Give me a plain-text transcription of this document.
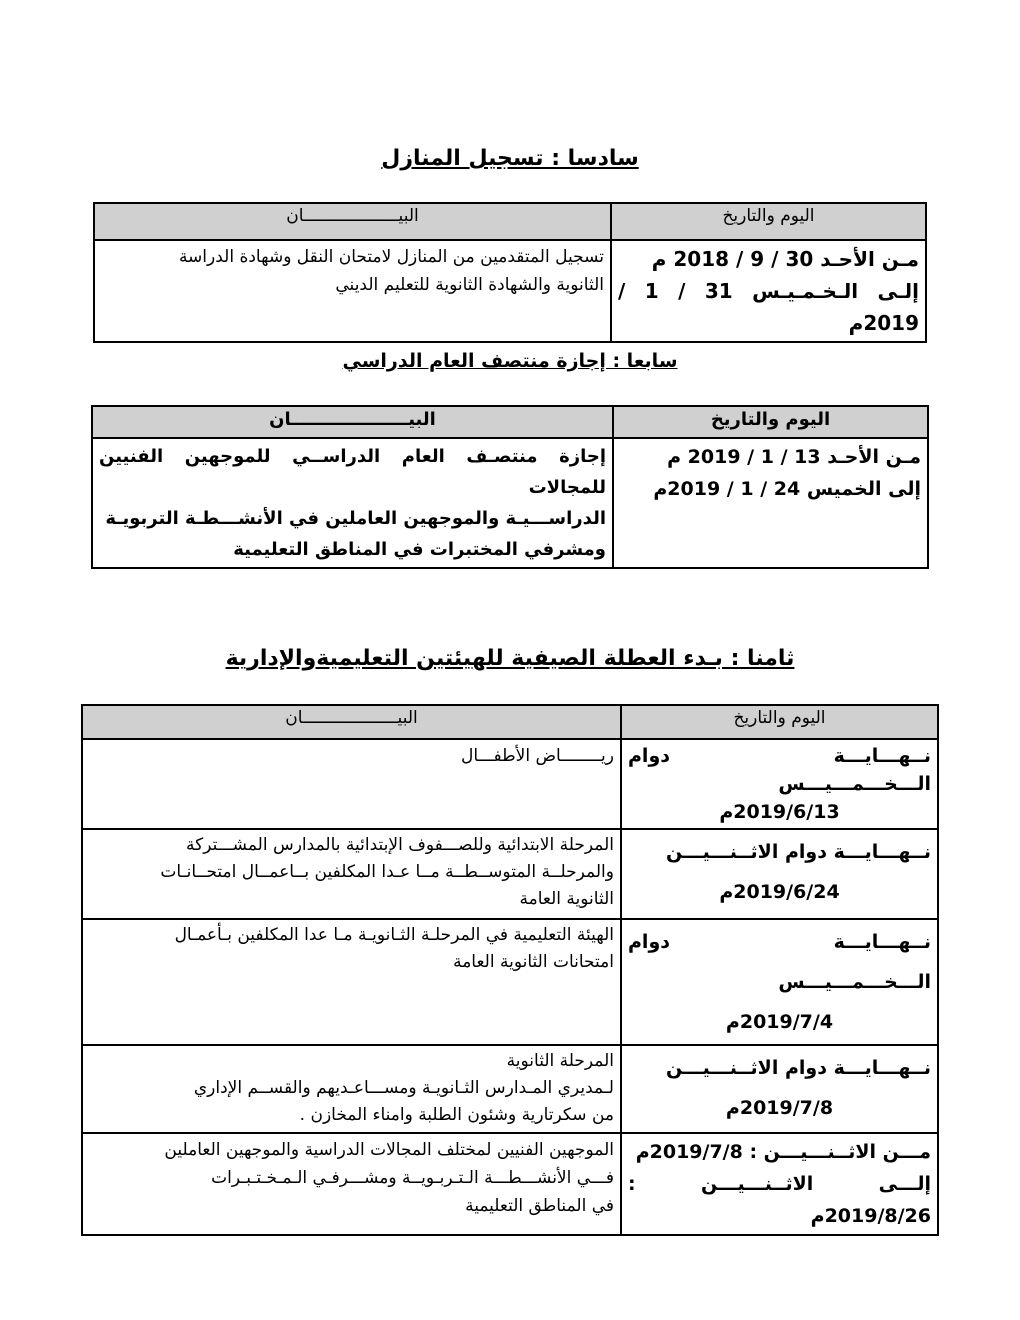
سادسا : تسجيل المنازل
اليوم والتاريخ	البيـــــــــــــــــــان

مـن الأحـد 30 / 9 / 2018 م
إلـى الـخـمـيـس 31 / 1 / 2019م	تسجيل المتقدمين من المنازل لامتحان النقل وشهادة الدراسة
الثانوية والشهادة الثانوية للتعليم الديني
سابعا : إجازة منتصف العام الدراسي
اليوم والتاريخ	البيـــــــــــــــــــان

مـن الأحـد 13 / 1 / 2019 م
إلى الخميس 24 / 1 / 2019م	إجازة منتصـف العام الدراســي للموجهين الفنيين للمجالات
الدراســـيـة والموجهين العاملين في الأنشـــطـة التربويـة
ومشرفي المختبرات في المناطق التعليمية
ثامنا : بـدء العطلة الصيفية للهيئتين التعليميةوالإدارية
اليوم والتاريخ	البيـــــــــــــــــــان

نــهـــايـــة دوام الـــخـــمـــيـــس
2019/6/13م	ريــــــــاض الأطفـــال

نــهـــايـــة دوام الاثــنـــيـــن
2019/6/24م	المرحلة الابتدائية وللصـــفوف الإبتدائية بالمدارس المشـــتركة
والمرحلــة المتوســطــة مــا عـدا المكلفين بــاعمــال امتحــانـات
الثانوية العامة

نــهـــايـــة دوام الـــخـــمـــيـــس
2019/7/4م	الهيئة التعليمية في المرحلـة الثـانويـة مـا عدا المكلفين بـأعمـال
امتحانات الثانوية العامة

نــهـــايـــة دوام الاثــنـــيـــن
2019/7/8م	المرحلة الثانوية
لـمديري المـدارس الثـانويـة ومســـاعـديهم والقســم الإداري
من سكرتارية وشئون الطلبة وامناء المخازن .

مـــن الاثــنـــيـــن : 2019/7/8م
إلـــى الاثــنـــيـــن : 2019/8/26م	الموجهين الفنيين لمختلف المجالات الدراسية والموجهين العاملين
فـــي الأنشـــطـــة الـتـربـويــة ومشـــرفـي الـمـخـتـبـرات
في المناطق التعليمية
